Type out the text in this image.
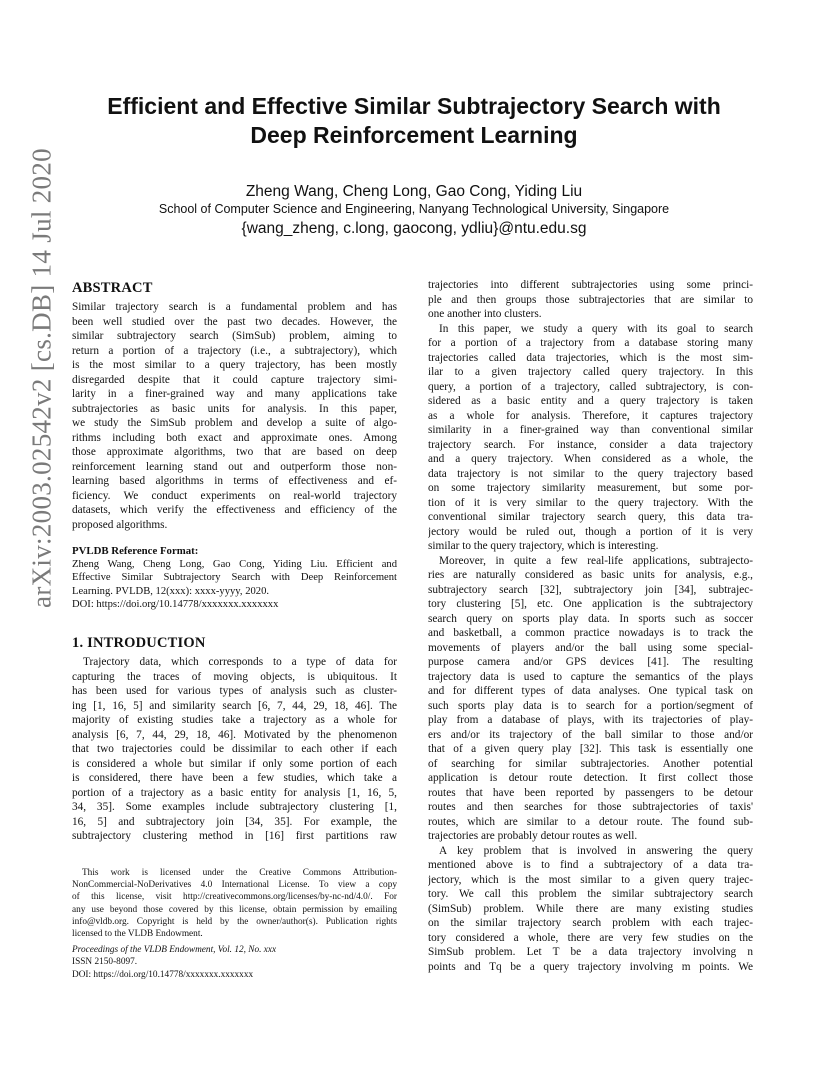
Efficient and Effective Similar Subtrajectory Search with
Deep Reinforcement Learning
Zheng Wang, Cheng Long, Gao Cong, Yiding Liu
School of Computer Science and Engineering, Nanyang Technological University, Singapore
{wang_zheng, c.long, gaocong, ydliu}@ntu.edu.sg
arXiv:2003.02542v2 [cs.DB] 14 Jul 2020 ABSTRACT
Similar trajectory search is a fundamental problem and has
been well studied over the past two decades. However, the
similar subtrajectory search (SimSub) problem, aiming to
return a portion of a trajectory (i.e., a subtrajectory), which
is the most similar to a query trajectory, has been mostly
disregarded despite that it could capture trajectory simi-
larity in a finer-grained way and many applications take
subtrajectories as basic units for analysis. In this paper,
we study the SimSub problem and develop a suite of algo-
rithms including both exact and approximate ones. Among
those approximate algorithms, two that are based on deep
reinforcement learning stand out and outperform those non-
learning based algorithms in terms of effectiveness and ef-
ficiency. We conduct experiments on real-world trajectory
datasets, which verify the effectiveness and efficiency of the
proposed algorithms.
PVLDB Reference Format:
Zheng Wang, Cheng Long, Gao Cong, Yiding Liu. Efficient and
Effective Similar Subtrajectory Search with Deep Reinforcement
Learning. PVLDB, 12(xxx): xxxx-yyyy, 2020.
DOI: https://doi.org/10.14778/xxxxxxx.xxxxxxx
1. INTRODUCTION
Trajectory data, which corresponds to a type of data for
capturing the traces of moving objects, is ubiquitous. It
has been used for various types of analysis such as cluster-
ing [1, 16, 5] and similarity search [6, 7, 44, 29, 18, 46]. The
majority of existing studies take a trajectory as a whole for
analysis [6, 7, 44, 29, 18, 46]. Motivated by the phenomenon
that two trajectories could be dissimilar to each other if each
is considered a whole but similar if only some portion of each
is considered, there have been a few studies, which take a
portion of a trajectory as a basic entity for analysis [1, 16, 5,
34, 35]. Some examples include subtrajectory clustering [1,
16, 5] and subtrajectory join [34, 35]. For example, the
subtrajectory clustering method in [16] first partitions raw
This work is licensed under the Creative Commons Attribution-
NonCommercial-NoDerivatives 4.0 International License. To view a copy
of this license, visit http://creativecommons.org/licenses/by-nc-nd/4.0/. For
any use beyond those covered by this license, obtain permission by emailing
info@vldb.org. Copyright is held by the owner/author(s). Publication rights
licensed to the VLDB Endowment.
Proceedings of the VLDB Endowment, Vol. 12, No. xxx
ISSN 2150-8097.
DOI: https://doi.org/10.14778/xxxxxxx.xxxxxxx
trajectories into different subtrajectories using some princi-
ple and then groups those subtrajectories that are similar to
one another into clusters.
In this paper, we study a query with its goal to search
for a portion of a trajectory from a database storing many
trajectories called data trajectories, which is the most sim-
ilar to a given trajectory called query trajectory. In this
query, a portion of a trajectory, called subtrajectory, is con-
sidered as a basic entity and a query trajectory is taken
as a whole for analysis. Therefore, it captures trajectory
similarity in a finer-grained way than conventional similar
trajectory search. For instance, consider a data trajectory
and a query trajectory. When considered as a whole, the
data trajectory is not similar to the query trajectory based
on some trajectory similarity measurement, but some por-
tion of it is very similar to the query trajectory. With the
conventional similar trajectory search query, this data tra-
jectory would be ruled out, though a portion of it is very
similar to the query trajectory, which is interesting.
Moreover, in quite a few real-life applications, subtrajecto-
ries are naturally considered as basic units for analysis, e.g.,
subtrajectory search [32], subtrajectory join [34], subtrajec-
tory clustering [5], etc. One application is the subtrajectory
search query on sports play data. In sports such as soccer
and basketball, a common practice nowadays is to track the
movements of players and/or the ball using some special-
purpose camera and/or GPS devices [41]. The resulting
trajectory data is used to capture the semantics of the plays
and for different types of data analyses. One typical task on
such sports play data is to search for a portion/segment of
play from a database of plays, with its trajectories of play-
ers and/or its trajectory of the ball similar to those and/or
that of a given query play [32]. This task is essentially one
of searching for similar subtrajectories. Another potential
application is detour route detection. It first collect those
routes that have been reported by passengers to be detour
routes and then searches for those subtrajectories of taxis'
routes, which are similar to a detour route. The found sub-
trajectories are probably detour routes as well.
A key problem that is involved in answering the query
mentioned above is to find a subtrajectory of a data tra-
jectory, which is the most similar to a given query trajec-
tory. We call this problem the similar subtrajectory search
(SimSub) problem. While there are many existing studies
on the similar trajectory search problem with each trajec-
tory considered a whole, there are very few studies on the
SimSub problem. Let T be a data trajectory involving n
points and Tq be a query trajectory involving m points. We
